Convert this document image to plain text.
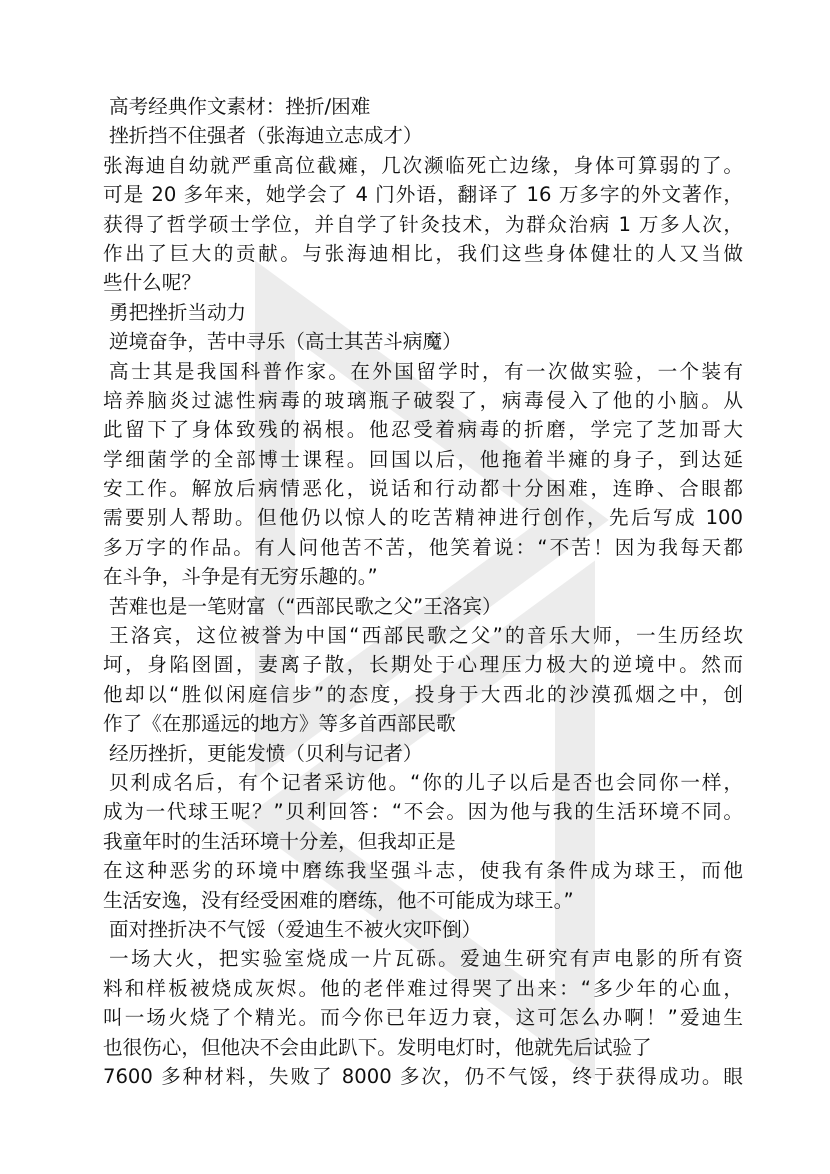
高考经典作文素材：挫折/困难
挫折挡不住强者（张海迪立志成才）
张海迪自幼就严重高位截瘫，几次濒临死亡边缘，身体可算弱的了。
可是 20 多年来，她学会了 4 门外语，翻译了 16 万多字的外文著作，
获得了哲学硕士学位，并自学了针灸技术，为群众治病 1 万多人次，
作出了巨大的贡献。与张海迪相比，我们这些身体健壮的人又当做
些什么呢？
勇把挫折当动力
逆境奋争，苦中寻乐（高士其苦斗病魔）
高士其是我国科普作家。在外国留学时，有一次做实验，一个装有
培养脑炎过滤性病毒的玻璃瓶子破裂了，病毒侵入了他的小脑。从
此留下了身体致残的祸根。他忍受着病毒的折磨，学完了芝加哥大
学细菌学的全部博士课程。回国以后，他拖着半瘫的身子，到达延
安工作。解放后病情恶化，说话和行动都十分困难，连睁、合眼都
需要别人帮助。但他仍以惊人的吃苦精神进行创作，先后写成 100
多万字的作品。有人问他苦不苦，他笑着说：“不苦！因为我每天都
在斗争，斗争是有无穷乐趣的。”
苦难也是一笔财富（“西部民歌之父”王洛宾）
王洛宾，这位被誉为中国“西部民歌之父”的音乐大师，一生历经坎
坷，身陷囹圄，妻离子散，长期处于心理压力极大的逆境中。然而
他却以“胜似闲庭信步”的态度，投身于大西北的沙漠孤烟之中，创
作了《在那遥远的地方》等多首西部民歌
经历挫折，更能发愤（贝利与记者）
贝利成名后，有个记者采访他。“你的儿子以后是否也会同你一样，
成为一代球王呢？”贝利回答：“不会。因为他与我的生活环境不同。
我童年时的生活环境十分差，但我却正是
在这种恶劣的环境中磨练我坚强斗志，使我有条件成为球王，而他
生活安逸，没有经受困难的磨练，他不可能成为球王。”
面对挫折决不气馁（爱迪生不被火灾吓倒）
一场大火，把实验室烧成一片瓦砾。爱迪生研究有声电影的所有资
料和样板被烧成灰烬。他的老伴难过得哭了出来：“多少年的心血，
叫一场火烧了个精光。而今你已年迈力衰，这可怎么办啊！”爱迪生
也很伤心，但他决不会由此趴下。发明电灯时，他就先后试验了
7600 多种材料，失败了 8000 多次，仍不气馁，终于获得成功。眼
